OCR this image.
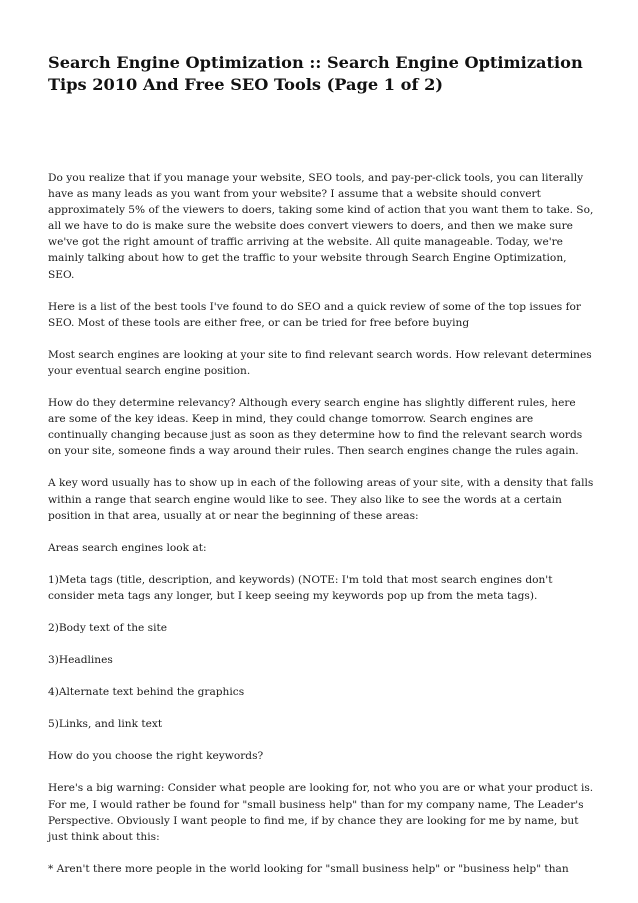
Search Engine Optimization :: Search Engine Optimization Tips 2010 And Free SEO Tools (Page 1 of 2)

Do you realize that if you manage your website, SEO tools, and pay-per-click tools, you can literally have as many leads as you want from your website? I assume that a website should convert approximately 5% of the viewers to doers, taking some kind of action that you want them to take. So, all we have to do is make sure the website does convert viewers to doers, and then we make sure we've got the right amount of traffic arriving at the website. All quite manageable. Today, we're mainly talking about how to get the traffic to your website through Search Engine Optimization, SEO.

Here is a list of the best tools I've found to do SEO and a quick review of some of the top issues for SEO. Most of these tools are either free, or can be tried for free before buying

Most search engines are looking at your site to find relevant search words. How relevant determines your eventual search engine position.

How do they determine relevancy? Although every search engine has slightly different rules, here are some of the key ideas. Keep in mind, they could change tomorrow. Search engines are continually changing because just as soon as they determine how to find the relevant search words on your site, someone finds a way around their rules. Then search engines change the rules again.

A key word usually has to show up in each of the following areas of your site, with a density that falls within a range that search engine would like to see. They also like to see the words at a certain position in that area, usually at or near the beginning of these areas:

Areas search engines look at:

1)Meta tags (title, description, and keywords) (NOTE: I'm told that most search engines don't consider meta tags any longer, but I keep seeing my keywords pop up from the meta tags).

2)Body text of the site

3)Headlines

4)Alternate text behind the graphics

5)Links, and link text

How do you choose the right keywords?

Here's a big warning: Consider what people are looking for, not who you are or what your product is. For me, I would rather be found for "small business help" than for my company name, The Leader's Perspective. Obviously I want people to find me, if by chance they are looking for me by name, but just think about this:

* Aren't there more people in the world looking for "small business help" or "business help" than
